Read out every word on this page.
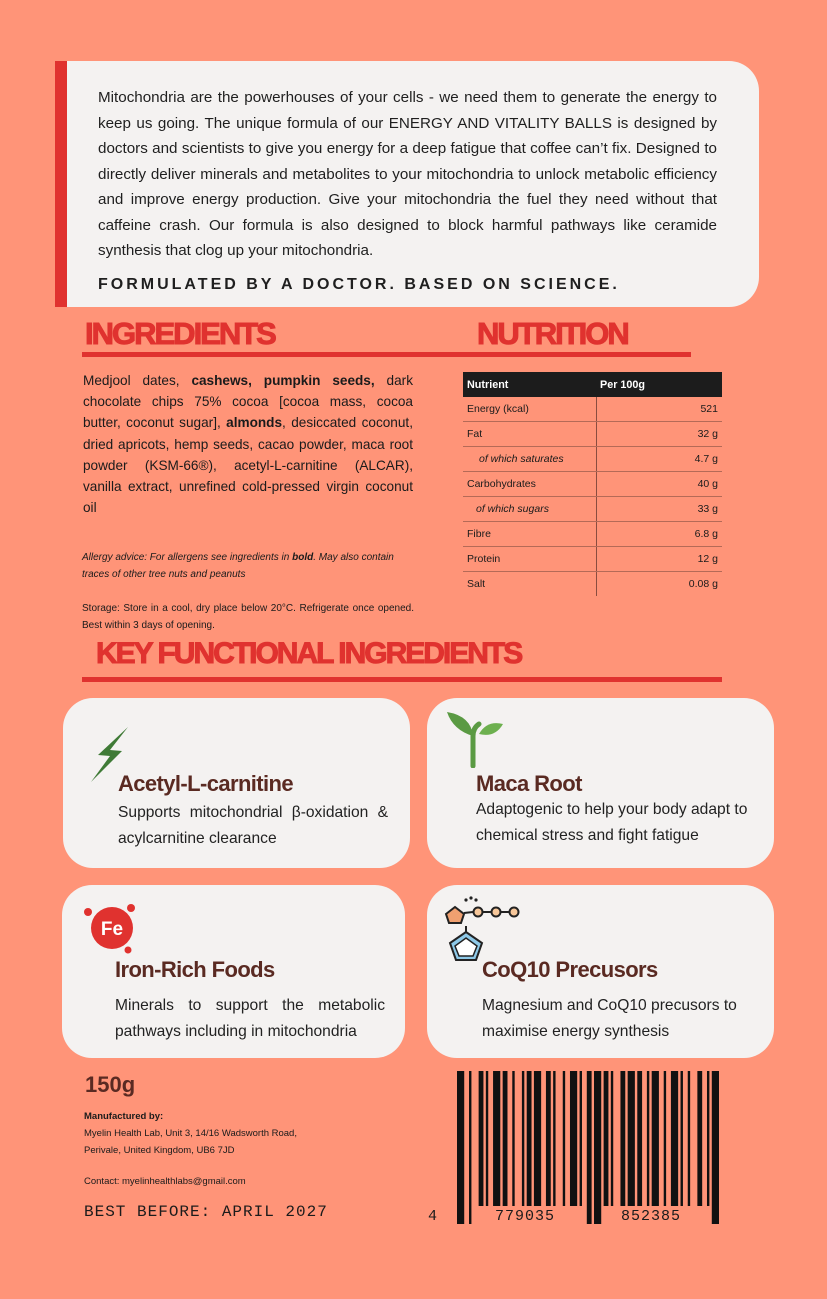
Mitochondria are the powerhouses of your cells - we need them to generate the energy to keep us going. The unique formula of our ENERGY AND VITALITY BALLS is designed by doctors and scientists to give you energy for a deep fatigue that coffee can’t fix. Designed to directly deliver minerals and metabolites to your mitochondria to unlock metabolic efficiency and improve energy production. Give your mitochondria the fuel they need without that caffeine crash. Our formula is also designed to block harmful pathways like ceramide synthesis that clog up your mitochondria.
FORMULATED BY A DOCTOR. BASED ON SCIENCE.
INGREDIENTS	NUTRITION
Medjool dates, cashews, pumpkin seeds, dark chocolate chips 75% cocoa [cocoa mass, cocoa butter, coconut sugar], almonds, desiccated coconut, dried apricots, hemp seeds, cacao powder, maca root powder (KSM-66®), acetyl-L-carnitine (ALCAR), vanilla extract, unrefined cold-pressed virgin coconut oil
Allergy advice: For allergens see ingredients in bold. May also contain traces of other tree nuts and peanuts
Storage: Store in a cool, dry place below 20°C. Refrigerate once opened. Best within 3 days of opening.
Nutrient	Per 100g
Energy (kcal)	521
Fat	32 g
of which saturates	4.7 g
Carbohydrates	40 g
of which sugars	33 g
Fibre	6.8 g
Protein	12 g
Salt	0.08 g
KEY FUNCTIONAL INGREDIENTS
Acetyl-L-carnitine
Supports mitochondrial β-oxidation & acylcarnitine clearance
Maca Root
Adaptogenic to help your body adapt to chemical stress and fight fatigue
Fe
Iron-Rich Foods
Minerals to support the metabolic pathways including in mitochondria
CoQ10 Precusors
Magnesium and CoQ10 precusors to maximise energy synthesis
150g
Manufactured by:
Myelin Health Lab, Unit 3, 14/16 Wadsworth Road,
Perivale, United Kingdom, UB6 7JD
Contact: myelinhealthlabs@gmail.com
BEST BEFORE: APRIL 2027	4	779035	852385
